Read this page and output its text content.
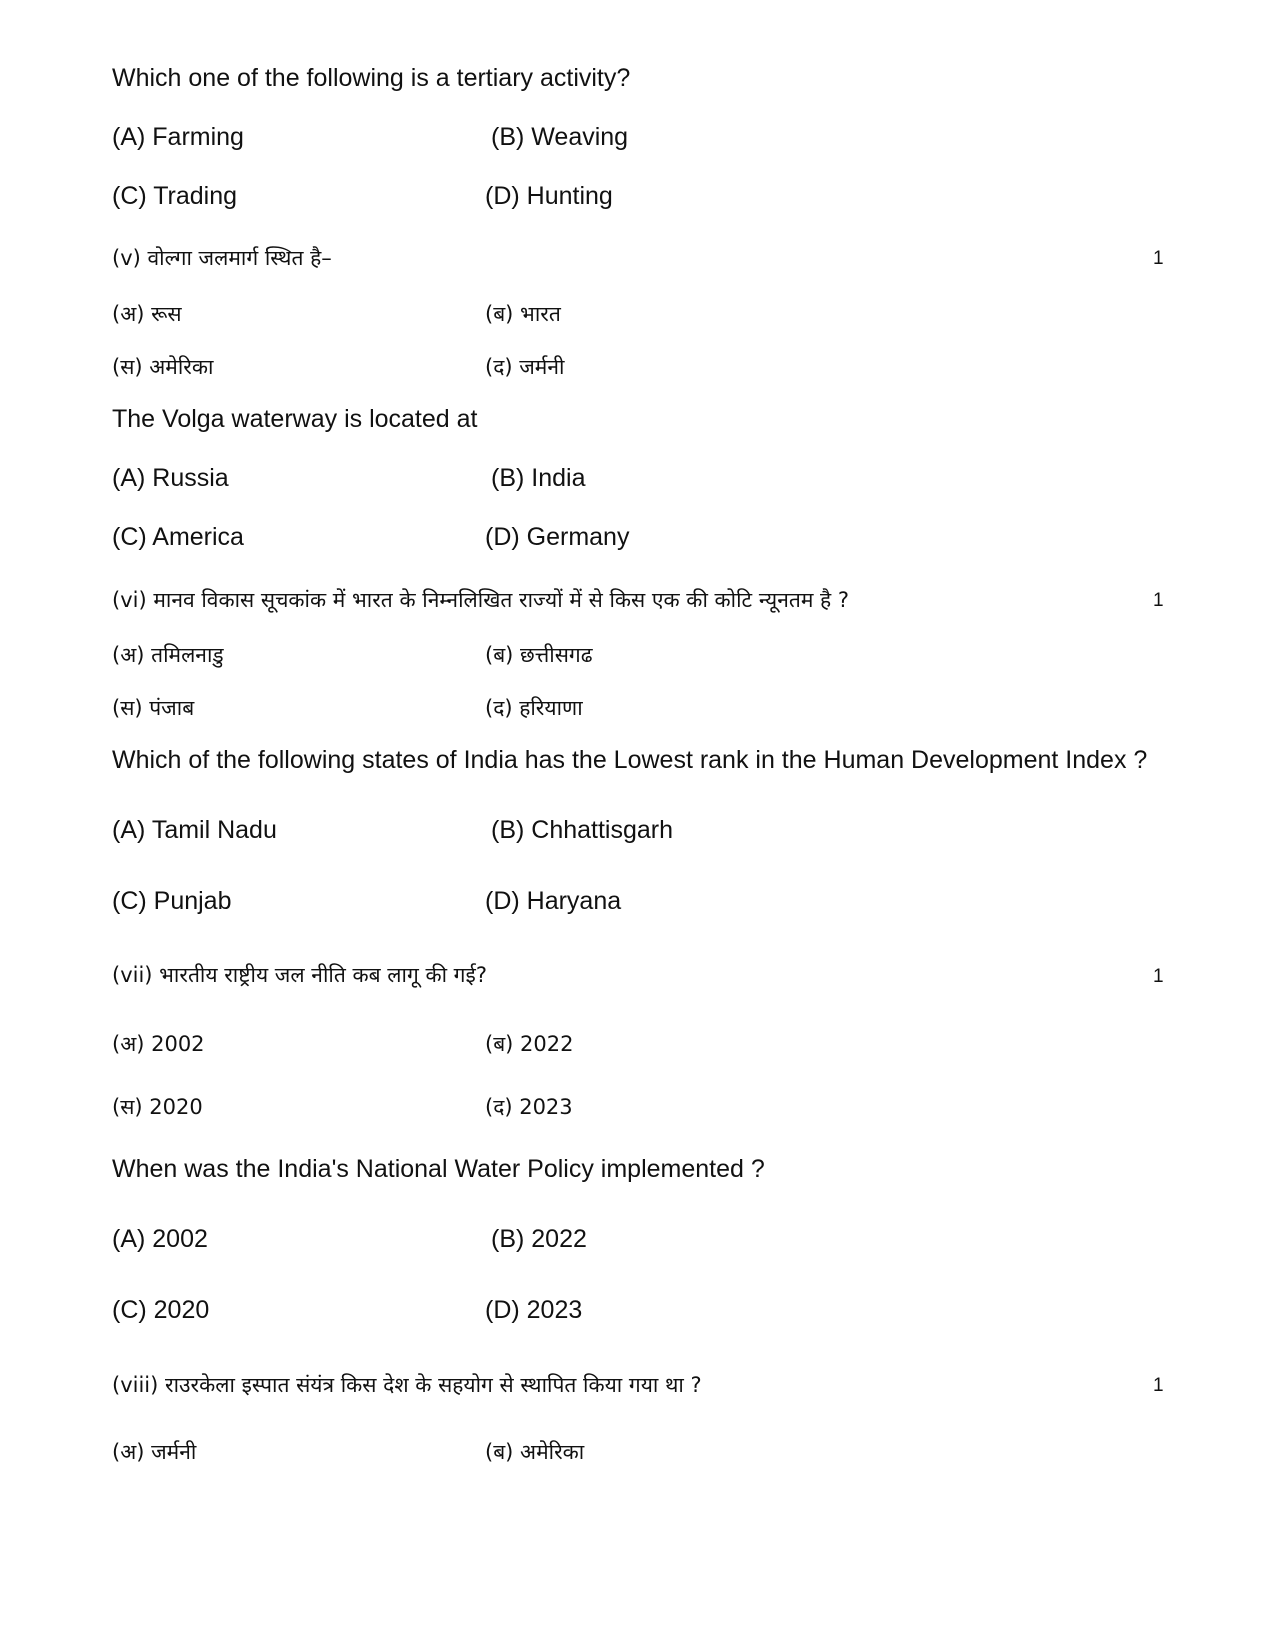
Which one of the following is a tertiary activity?
(A) Farming	(B) Weaving
(C) Trading	(D) Hunting
(v) वोल्गा जलमार्ग स्थित है–	1
(अ) रूस	(ब) भारत
(स) अमेरिका	(द) जर्मनी
The Volga waterway is located at
(A) Russia	(B) India
(C) America	(D) Germany
(vi) मानव विकास सूचकांक में भारत के निम्नलिखित राज्यों में से किस एक की कोटि न्यूनतम है ?	1
(अ) तमिलनाडु	(ब) छत्तीसगढ
(स) पंजाब	(द) हरियाणा
Which of the following states of India has the Lowest rank in the Human Development Index ?
(A) Tamil Nadu	(B) Chhattisgarh
(C) Punjab	(D) Haryana
(vii) भारतीय राष्ट्रीय जल नीति कब लागू की गई?	1
(अ) 2002	(ब) 2022
(स) 2020	(द) 2023
When was the India's National Water Policy implemented ?
(A) 2002	(B) 2022
(C) 2020	(D) 2023
(viii) राउरकेला इस्पात संयंत्र किस देश के सहयोग से स्थापित किया गया था ?	1
(अ) जर्मनी	(ब) अमेरिका
